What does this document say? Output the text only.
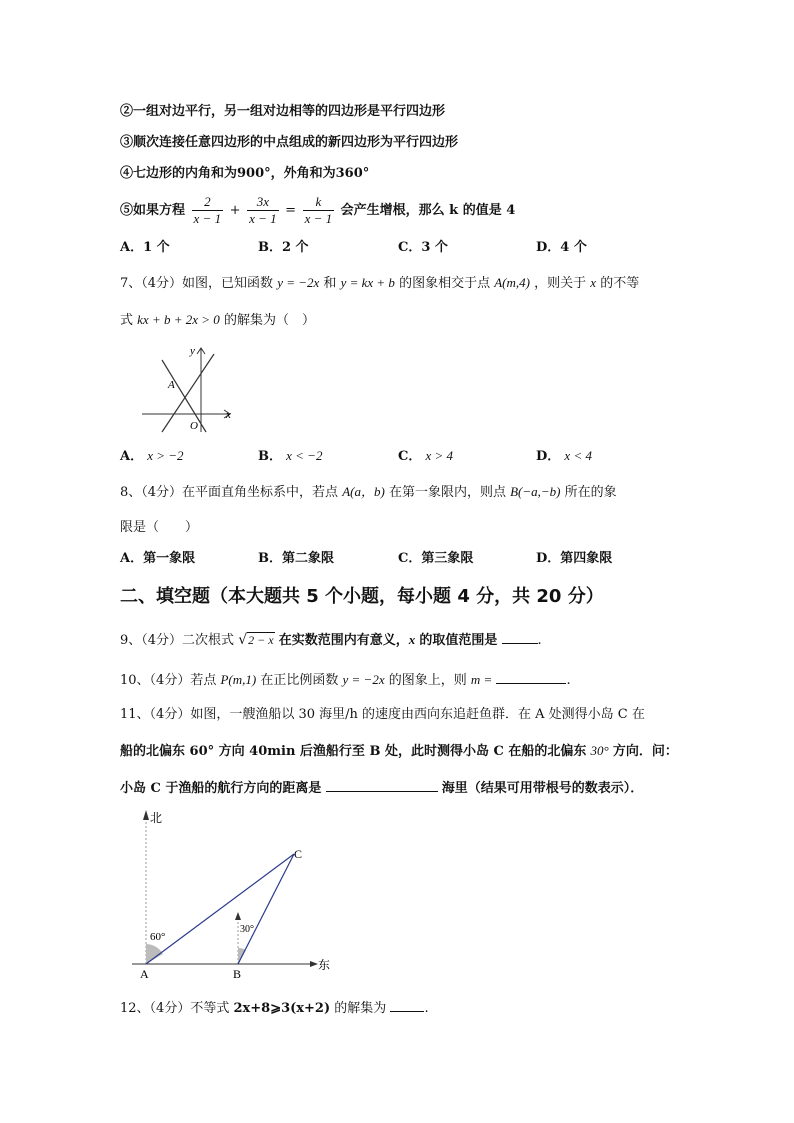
②一组对边平行，另一组对边相等的四边形是平行四边形
③顺次连接任意四边形的中点组成的新四边形为平行四边形
④七边形的内角和为900°，外角和为360°
⑤如果方程 $\frac{2}{x - 1} + \frac{3x}{x - 1} = \frac{k}{x - 1}$ 会产生增根，那么 k 的值是 4
A．1 个	B．2 个	C．3 个	D．4 个
7、（4分）如图，已知函数 y = −2x 和 y = kx + b 的图象相交于点 A(m,4) ，则关于 x 的不等
式 kx + b + 2x > 0 的解集为（　）
y
x
A
O
A． x > −2	B． x < −2	C． x > 4	D． x < 4
8、（4分）在平面直角坐标系中，若点 A(a，b) 在第一象限内，则点 B(−a,−b) 所在的象
限是（　　）
A．第一象限	B．第二象限	C．第三象限	D．第四象限
二、填空题（本大题共 5 个小题，每小题 4 分，共 20 分）
9、（4分）二次根式 √2 − x 在实数范围内有意义，x 的取值范围是	.
10、（4分）若点 P(m,1) 在正比例函数 y = −2x 的图象上，则 m =	.
11、（4分）如图，一艘渔船以 30 海里/h 的速度由西向东追赶鱼群．在 A 处测得小岛 C 在
船的北偏东 60° 方向 40min 后渔船行至 B 处，此时测得小岛 C 在船的北偏东 30° 方向．问：
小岛 C 于渔船的航行方向的距离是	海里（结果可用带根号的数表示）．
北
东
60°
30°
A	B
C
12、（4分）不等式 2x+8⩾3(x+2) 的解集为	.
